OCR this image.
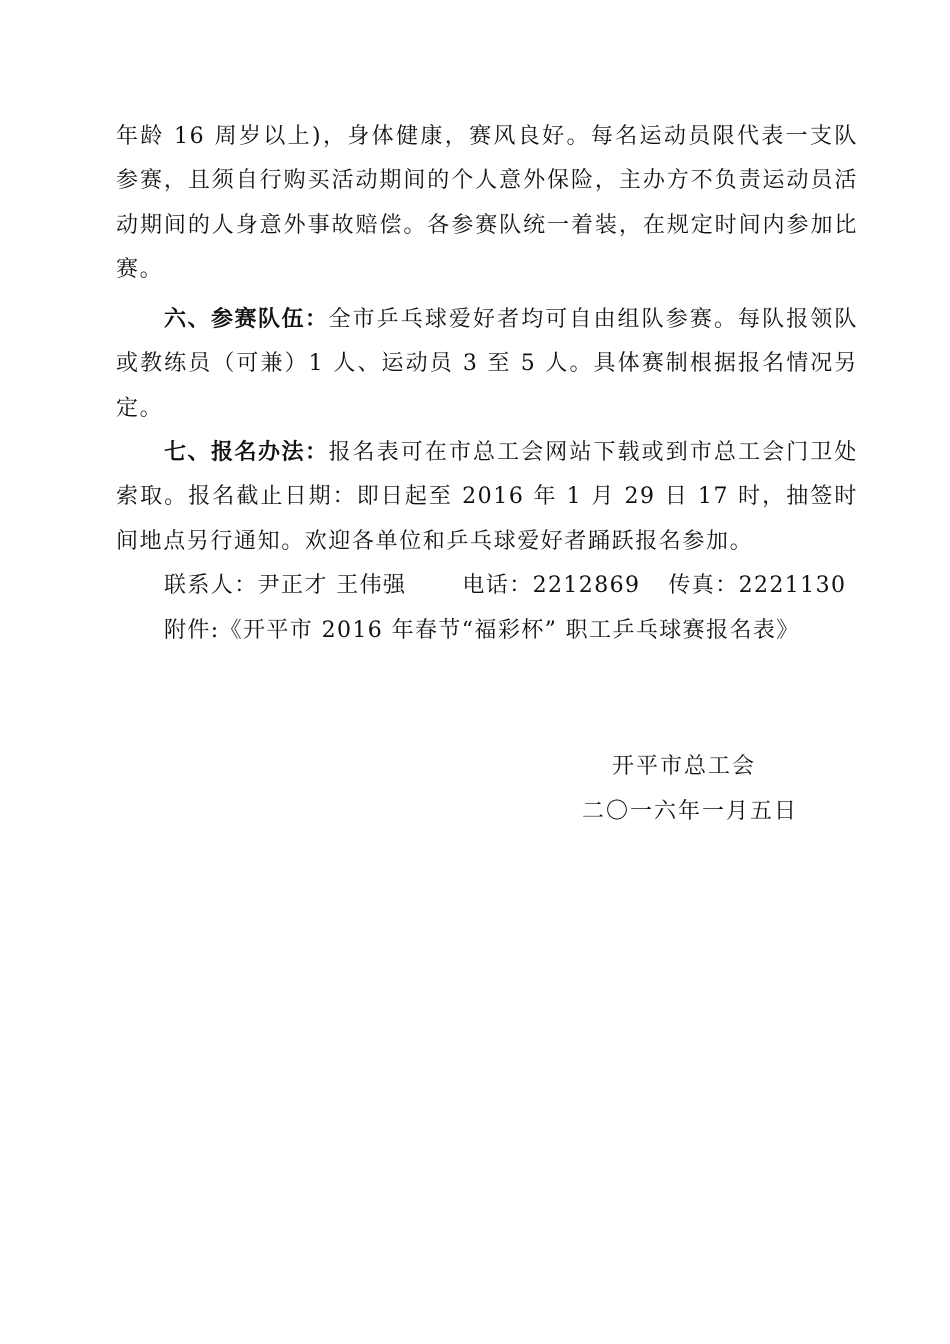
年龄 16 周岁以上)，身体健康，赛风良好。每名运动员限代表一支队参赛，且须自行购买活动期间的个人意外保险，主办方不负责运动员活动期间的人身意外事故赔偿。各参赛队统一着装，在规定时间内参加比赛。
六、参赛队伍：全市乒乓球爱好者均可自由组队参赛。每队报领队或教练员（可兼）1 人、运动员 3 至 5 人。具体赛制根据报名情况另定。
七、报名办法：报名表可在市总工会网站下载或到市总工会门卫处索取。报名截止日期：即日起至 2016 年 1 月 29 日 17 时，抽签时间地点另行通知。欢迎各单位和乒乓球爱好者踊跃报名参加。
联系人：尹正才 王伟强	电话：2212869 传真：2221130
附件:《开平市 2016 年春节“福彩杯” 职工乒乓球赛报名表》
开平市总工会
二〇一六年一月五日
